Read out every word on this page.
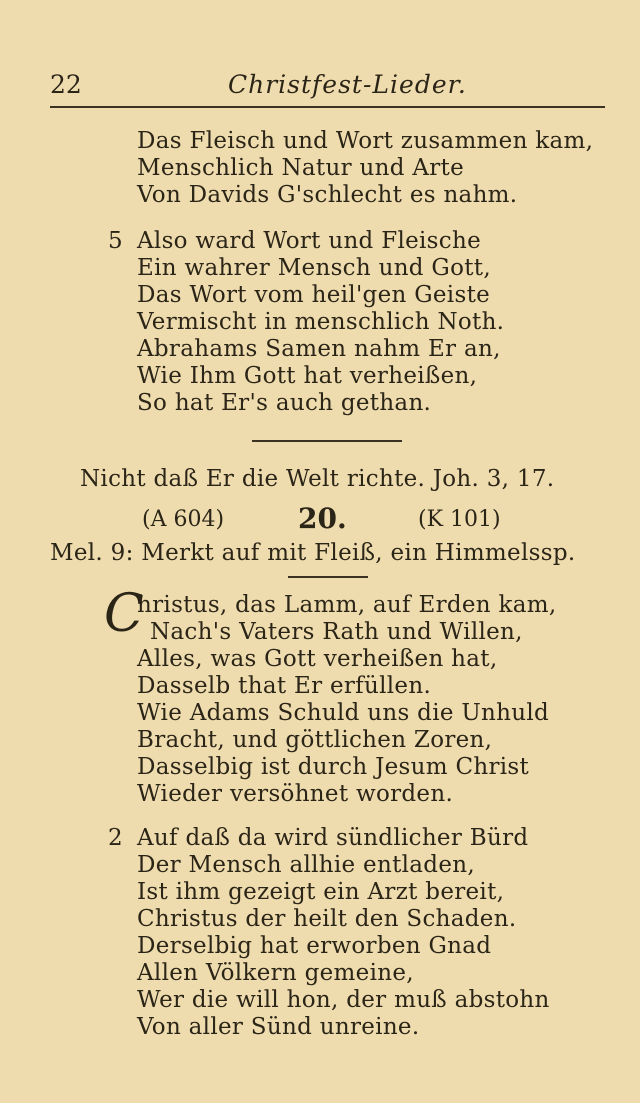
22	Christfest-Lieder.
Das Fleisch und Wort zusammen kam,
Menschlich Natur und Arte
Von Davids G'schlecht es nahm.
5 Also ward Wort und Fleische
Ein wahrer Mensch und Gott,
Das Wort vom heil'gen Geiste
Vermischt in menschlich Noth.
Abrahams Samen nahm Er an,
Wie Ihm Gott hat verheißen,
So hat Er's auch gethan.
Nicht daß Er die Welt richte. Joh. 3, 17.
(A 604)	20.	(K 101)
Mel. 9: Merkt auf mit Fleiß, ein Himmelssp.
C
hristus, das Lamm, auf Erden kam,
Nach's Vaters Rath und Willen,
Alles, was Gott verheißen hat,
Dasselb that Er erfüllen.
Wie Adams Schuld uns die Unhuld
Bracht, und göttlichen Zoren,
Dasselbig ist durch Jesum Christ
Wieder versöhnet worden.
2 Auf daß da wird sündlicher Bürd
Der Mensch allhie entladen,
Ist ihm gezeigt ein Arzt bereit,
Christus der heilt den Schaden.
Derselbig hat erworben Gnad
Allen Völkern gemeine,
Wer die will hon, der muß abstohn
Von aller Sünd unreine.
